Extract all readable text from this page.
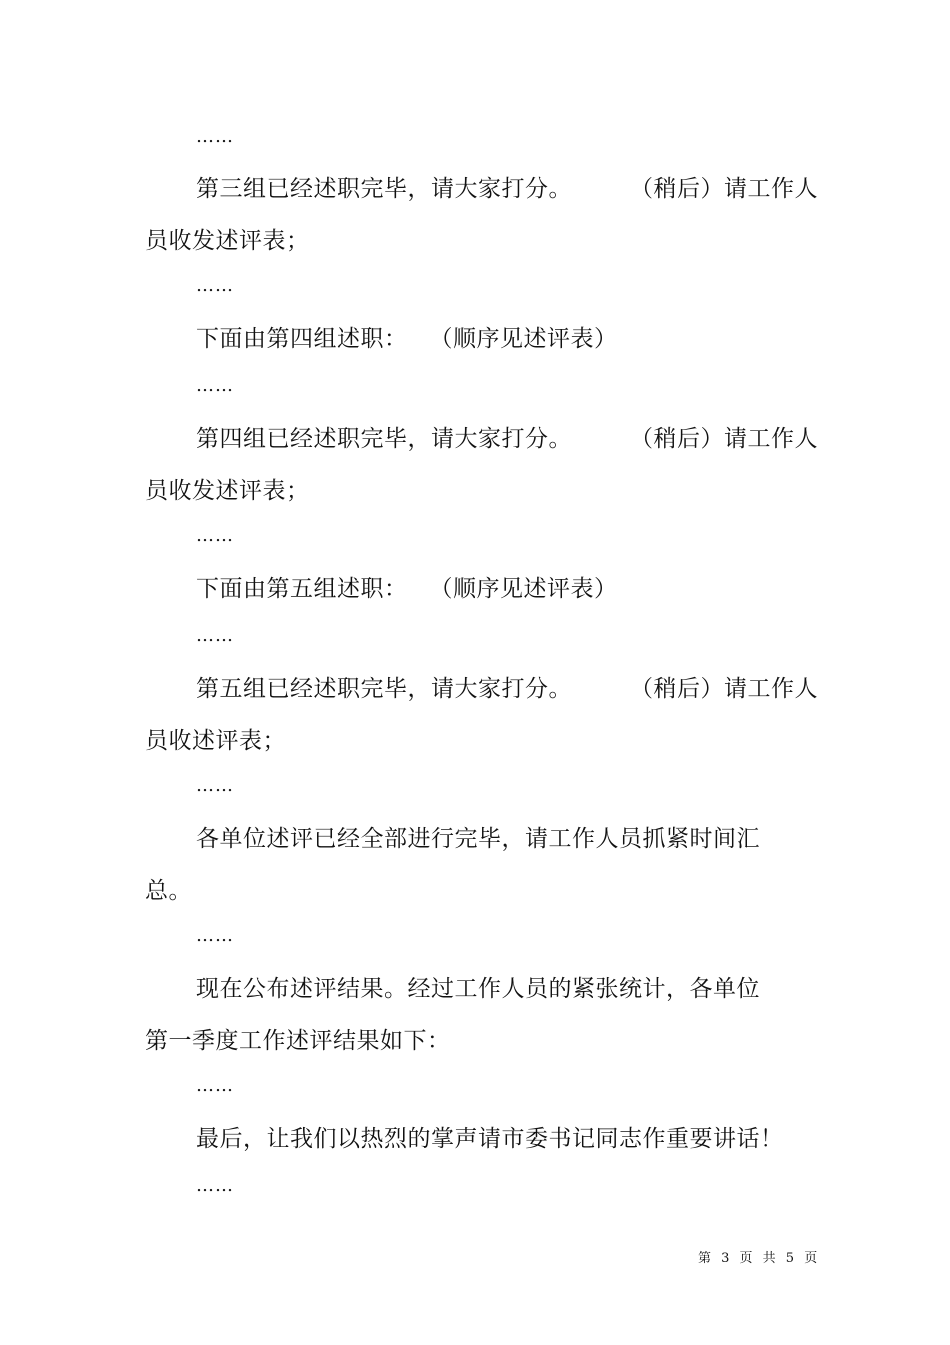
……
第三组已经述职完毕，请大家打分。	（稍后）请工作人
员收发述评表；
……
下面由第四组述职： （顺序见述评表）
……
第四组已经述职完毕，请大家打分。	（稍后）请工作人
员收发述评表；
……
下面由第五组述职： （顺序见述评表）
……
第五组已经述职完毕，请大家打分。	（稍后）请工作人
员收述评表；
……
各单位述评已经全部进行完毕，请工作人员抓紧时间汇
总。
……
现在公布述评结果。经过工作人员的紧张统计，各单位
第一季度工作述评结果如下：
……
最后，让我们以热烈的掌声请市委书记同志作重要讲话！
……
第 3 页 共 5 页
